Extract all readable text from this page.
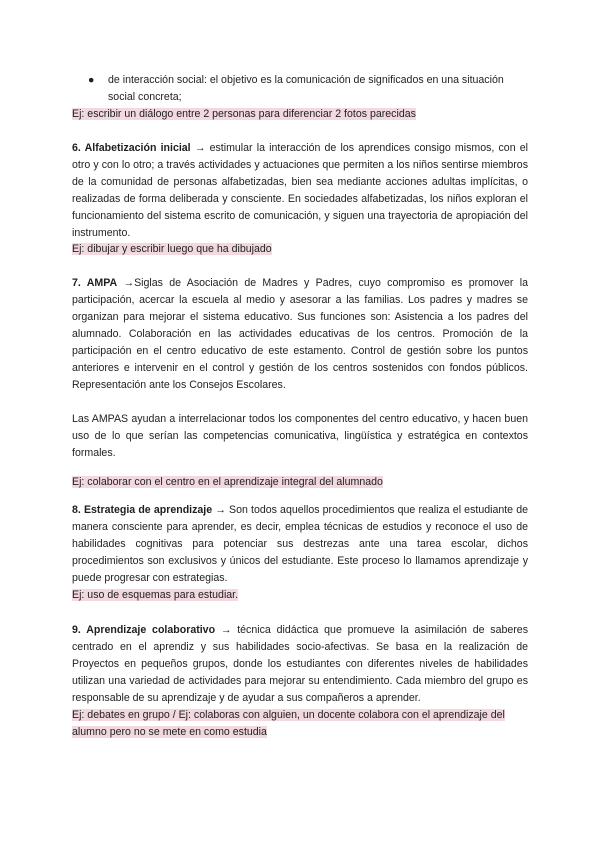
●	de interacción social: el objetivo es la comunicación de significados en una situación social concreta;
Ej: escribir un diálogo entre 2 personas para diferenciar 2 fotos parecidas
6. Alfabetización inicial → estimular la interacción de los aprendices consigo mismos, con el otro y con lo otro; a través actividades y actuaciones que permiten a los niños sentirse miembros de la comunidad de personas alfabetizadas, bien sea mediante acciones adultas implícitas, o realizadas de forma deliberada y consciente. En sociedades alfabetizadas, los niños exploran el funcionamiento del sistema escrito de comunicación, y siguen una trayectoria de apropiación del instrumento.
Ej: dibujar y escribir luego que ha dibujado
7. AMPA →Siglas de Asociación de Madres y Padres, cuyo compromiso es promover la participación, acercar la escuela al medio y asesorar a las familias. Los padres y madres se organizan para mejorar el sistema educativo. Sus funciones son: Asistencia a los padres del alumnado. Colaboración en las actividades educativas de los centros. Promoción de la participación en el centro educativo de este estamento. Control de gestión sobre los puntos anteriores e intervenir en el control y gestión de los centros sostenidos con fondos públicos. Representación ante los Consejos Escolares.
Las AMPAS ayudan a interrelacionar todos los componentes del centro educativo, y hacen buen uso de lo que serían las competencias comunicativa, lingüística y estratégica en contextos formales.
Ej: colaborar con el centro en el aprendizaje integral del alumnado
8. Estrategia de aprendizaje → Son todos aquellos procedimientos que realiza el estudiante de manera consciente para aprender, es decir, emplea técnicas de estudios y reconoce el uso de habilidades cognitivas para potenciar sus destrezas ante una tarea escolar, dichos procedimientos son exclusivos y únicos del estudiante. Este proceso lo llamamos aprendizaje y puede progresar con estrategias.
Ej: uso de esquemas para estudiar.
9. Aprendizaje colaborativo → técnica didáctica que promueve la asimilación de saberes centrado en el aprendiz y sus habilidades socio-afectivas. Se basa en la realización de Proyectos en pequeños grupos, donde los estudiantes con diferentes niveles de habilidades utilizan una variedad de actividades para mejorar su entendimiento. Cada miembro del grupo es responsable de su aprendizaje y de ayudar a sus compañeros a aprender.
Ej: debates en grupo / Ej: colaboras con alguien, un docente colabora con el aprendizaje del alumno pero no se mete en como estudia
